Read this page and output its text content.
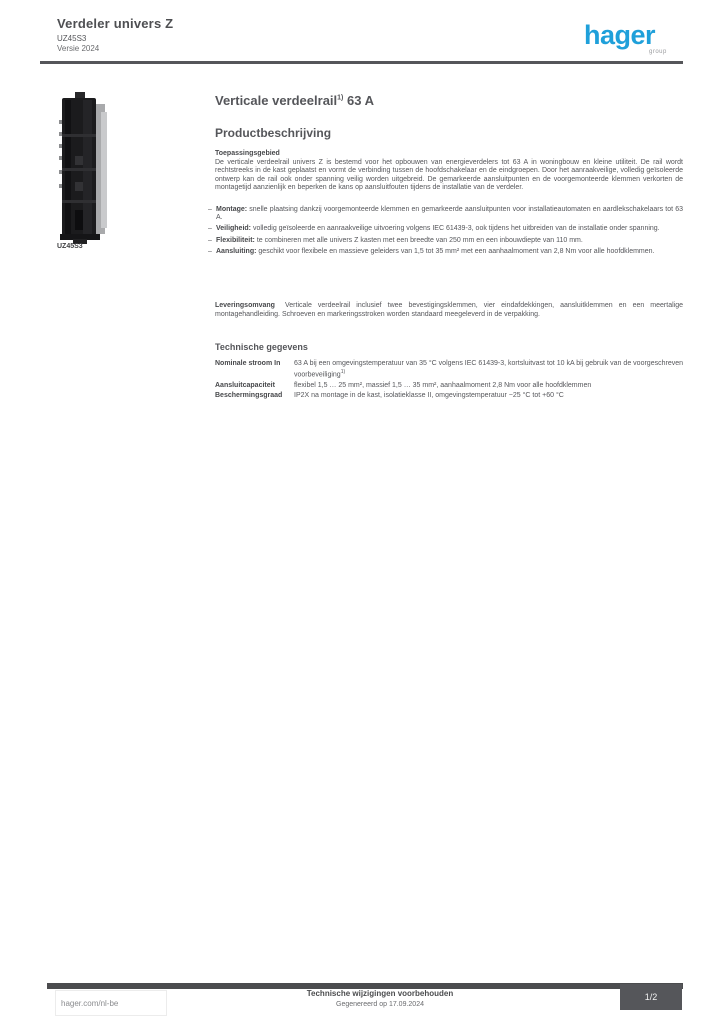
Verdeler univers Z
UZ45S3
Versie 2024	hager
group
UZ45S3
Verticale verdeelrail$^{1)}$ 63 A
Productbeschrijving
Toepassingsgebied

De verticale verdeelrail univers Z is bestemd voor het opbouwen van energieverdelers tot 63 A in woningbouw en kleine utiliteit. De rail wordt rechtstreeks in de kast geplaatst en vormt de verbinding tussen de hoofdschakelaar en de eindgroepen. Door het aanraakveilige, volledig geïsoleerde ontwerp kan de rail ook onder spanning veilig worden uitgebreid. De gemarkeerde aansluitpunten en de voorgemonteerde klemmen verkorten de montagetijd aanzienlijk en beperken de kans op aansluitfouten tijdens de installatie van de verdeler.

– Montage: snelle plaatsing dankzij voorgemonteerde klemmen en gemarkeerde aansluitpunten voor installatieautomaten en aardlekschakelaars tot 63 A.
– Veiligheid: volledig geïsoleerde en aanraakveilige uitvoering volgens IEC 61439-3, ook tijdens het uitbreiden van de installatie onder spanning.
– Flexibiliteit: te combineren met alle univers Z kasten met een breedte van 250 mm en een inbouwdiepte van 110 mm.
– Aansluiting: geschikt voor flexibele en massieve geleiders van 1,5 tot 35 mm² met een aanhaalmoment van 2,8 Nm voor alle hoofdklemmen.

Leveringsomvang Verticale verdeelrail inclusief twee bevestigingsklemmen, vier eindafdekkingen, aansluitklemmen en een meertalige montagehandleiding. Schroeven en markeringsstroken worden standaard meegeleverd in de verpakking.

Technische gegevens
Nominale stroom In	63 A bij een omgevingstemperatuur van 35 °C volgens IEC 61439-3, kortsluitvast tot 10 kA bij gebruik van de voorgeschreven voorbeveiliging$^{1)}$
Aansluitcapaciteit	flexibel 1,5 … 25 mm², massief 1,5 … 35 mm², aanhaalmoment 2,8 Nm voor alle hoofdklemmen
Beschermingsgraad	IP2X na montage in de kast, isolatieklasse II, omgevingstemperatuur −25 °C tot +60 °C
hager.com/nl-be
Technische wijzigingen voorbehouden
Gegenereerd op 17.09.2024
1/2
